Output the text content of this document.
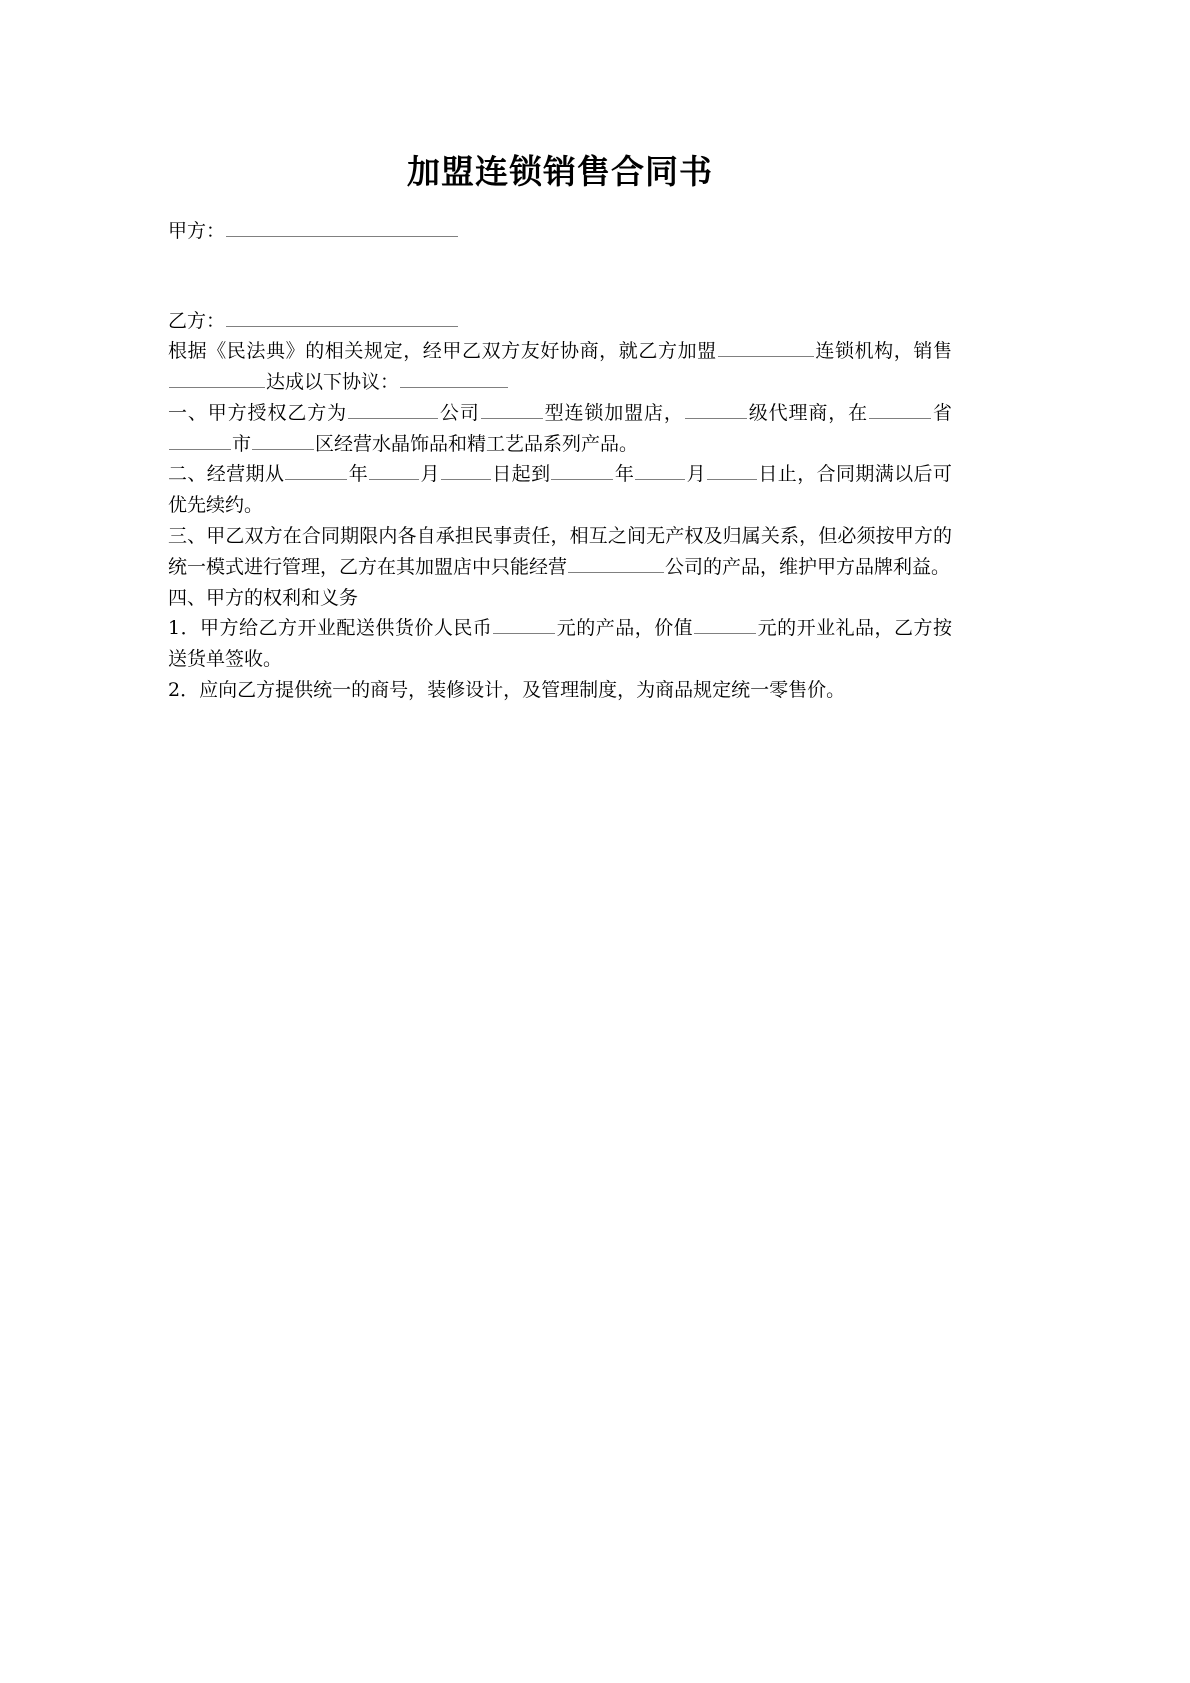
加盟连锁销售合同书

甲方：

乙方：

根据《民法典》的相关规定，经甲乙双方友好协商，就乙方加盟	连锁机构，销售达成以下协议：

一、甲方授权乙方为	公司	型连锁加盟店，	级代理商，在	省市	区经营水晶饰品和精工艺品系列产品。

二、经营期从	年	月	日起到	年	月	日止，合同期满以后可优先续约。

三、甲乙双方在合同期限内各自承担民事责任，相互之间无产权及归属关系，但必须按甲方的统一模式进行管理，乙方在其加盟店中只能经营	公司的产品，维护甲方品牌利益。

四、甲方的权利和义务

1．甲方给乙方开业配送供货价人民币	元的产品，价值	元的开业礼品，乙方按送货单签收。

2．应向乙方提供统一的商号，装修设计，及管理制度，为商品规定统一零售价。
